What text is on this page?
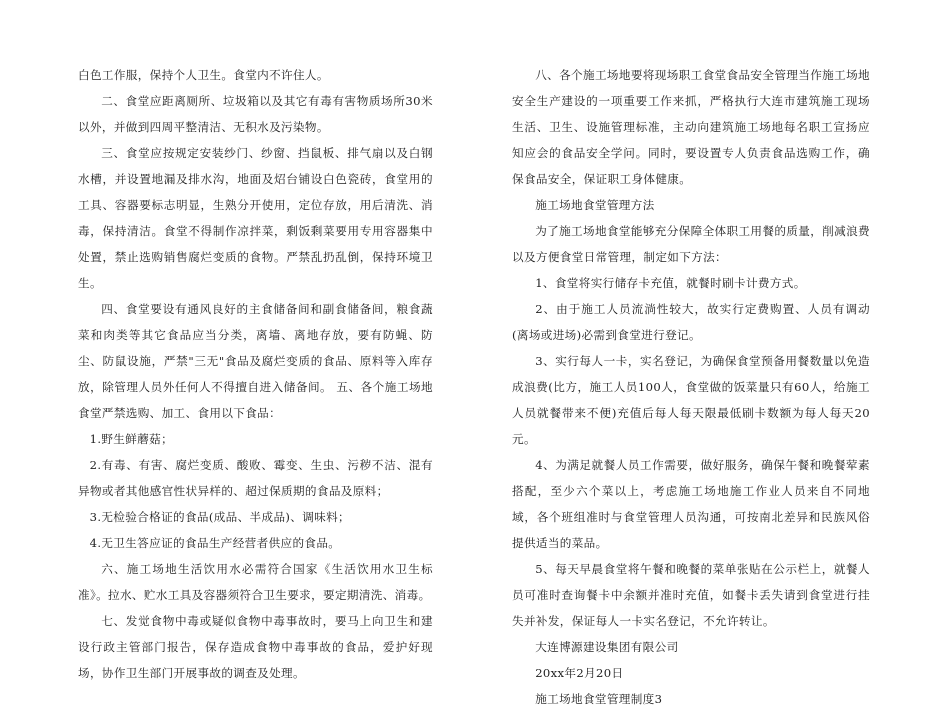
白色工作服，保持个人卫生。食堂内不许住人。

二、食堂应距离厕所、垃圾箱以及其它有毒有害物质场所30米以外，并做到四周平整清洁、无积水及污染物。

三、食堂应按规定安装纱门、纱窗、挡鼠板、排气扇以及白钢水槽，并设置地漏及排水沟，地面及炤台铺设白色瓷砖，食堂用的工具、容器要标志明显，生熟分开使用，定位存放，用后清洗、消毒，保持清洁。食堂不得制作凉拌菜，剩饭剩菜要用专用容器集中处置，禁止选购销售腐烂变质的食物。严禁乱扔乱倒，保持环境卫生。

四、食堂要设有通风良好的主食储备间和副食储备间，粮食蔬菜和肉类等其它食品应当分类，离墙、离地存放，要有防蝇、防尘、防鼠设施，严禁"三无"食品及腐烂变质的食品、原料等入库存放，除管理人员外任何人不得擅自进入储备间。 五、各个施工场地食堂严禁选购、加工、食用以下食品：

1.野生鲜蘑菇；

2.有毒、有害、腐烂变质、酸败、霉变、生虫、污秽不洁、混有异物或者其他感官性状异样的、超过保质期的食品及原料；

3.无检验合格证的食品(成品、半成品)、调味料；

4.无卫生答应证的食品生产经营者供应的食品。

六、施工场地生活饮用水必需符合国家《生活饮用水卫生标准》。拉水、贮水工具及容器须符合卫生要求，要定期清洗、消毒。

七、发觉食物中毒或疑似食物中毒事故时，要马上向卫生和建设行政主管部门报告，保存造成食物中毒事故的食品，爱护好现场，协作卫生部门开展事故的调查及处理。

八、各个施工场地要将现场职工食堂食品安全管理当作施工场地安全生产建设的一项重要工作来抓，严格执行大连市建筑施工现场生活、卫生、设施管理标准，主动向建筑施工场地每名职工宣扬应知应会的食品安全学问。同时，要设置专人负责食品选购工作，确保食品安全，保证职工身体健康。

施工场地食堂管理方法

为了施工场地食堂能够充分保障全体职工用餐的质量，削减浪费以及方便食堂日常管理，制定如下方法：

1、食堂将实行储存卡充值，就餐时刷卡计费方式。

2、由于施工人员流淌性较大，故实行定费购置、人员有调动(离场或进场)必需到食堂进行登记。

3、实行每人一卡，实名登记，为确保食堂预备用餐数量以免造成浪费(比方，施工人员100人，食堂做的饭菜量只有60人，给施工人员就餐带来不便)充值后每人每天限最低刷卡数额为每人每天20元。

4、为满足就餐人员工作需要，做好服务，确保午餐和晚餐荤素搭配，至少六个菜以上，考虑施工场地施工作业人员来自不同地域，各个班组准时与食堂管理人员沟通，可按南北差异和民族风俗提供适当的菜品。

5、每天早晨食堂将午餐和晚餐的菜单张贴在公示栏上，就餐人员可准时查询餐卡中余额并准时充值，如餐卡丢失请到食堂进行挂失并补发，保证每人一卡实名登记，不允许转让。

大连博源建设集团有限公司

20xx年2月20日

施工场地食堂管理制度3
